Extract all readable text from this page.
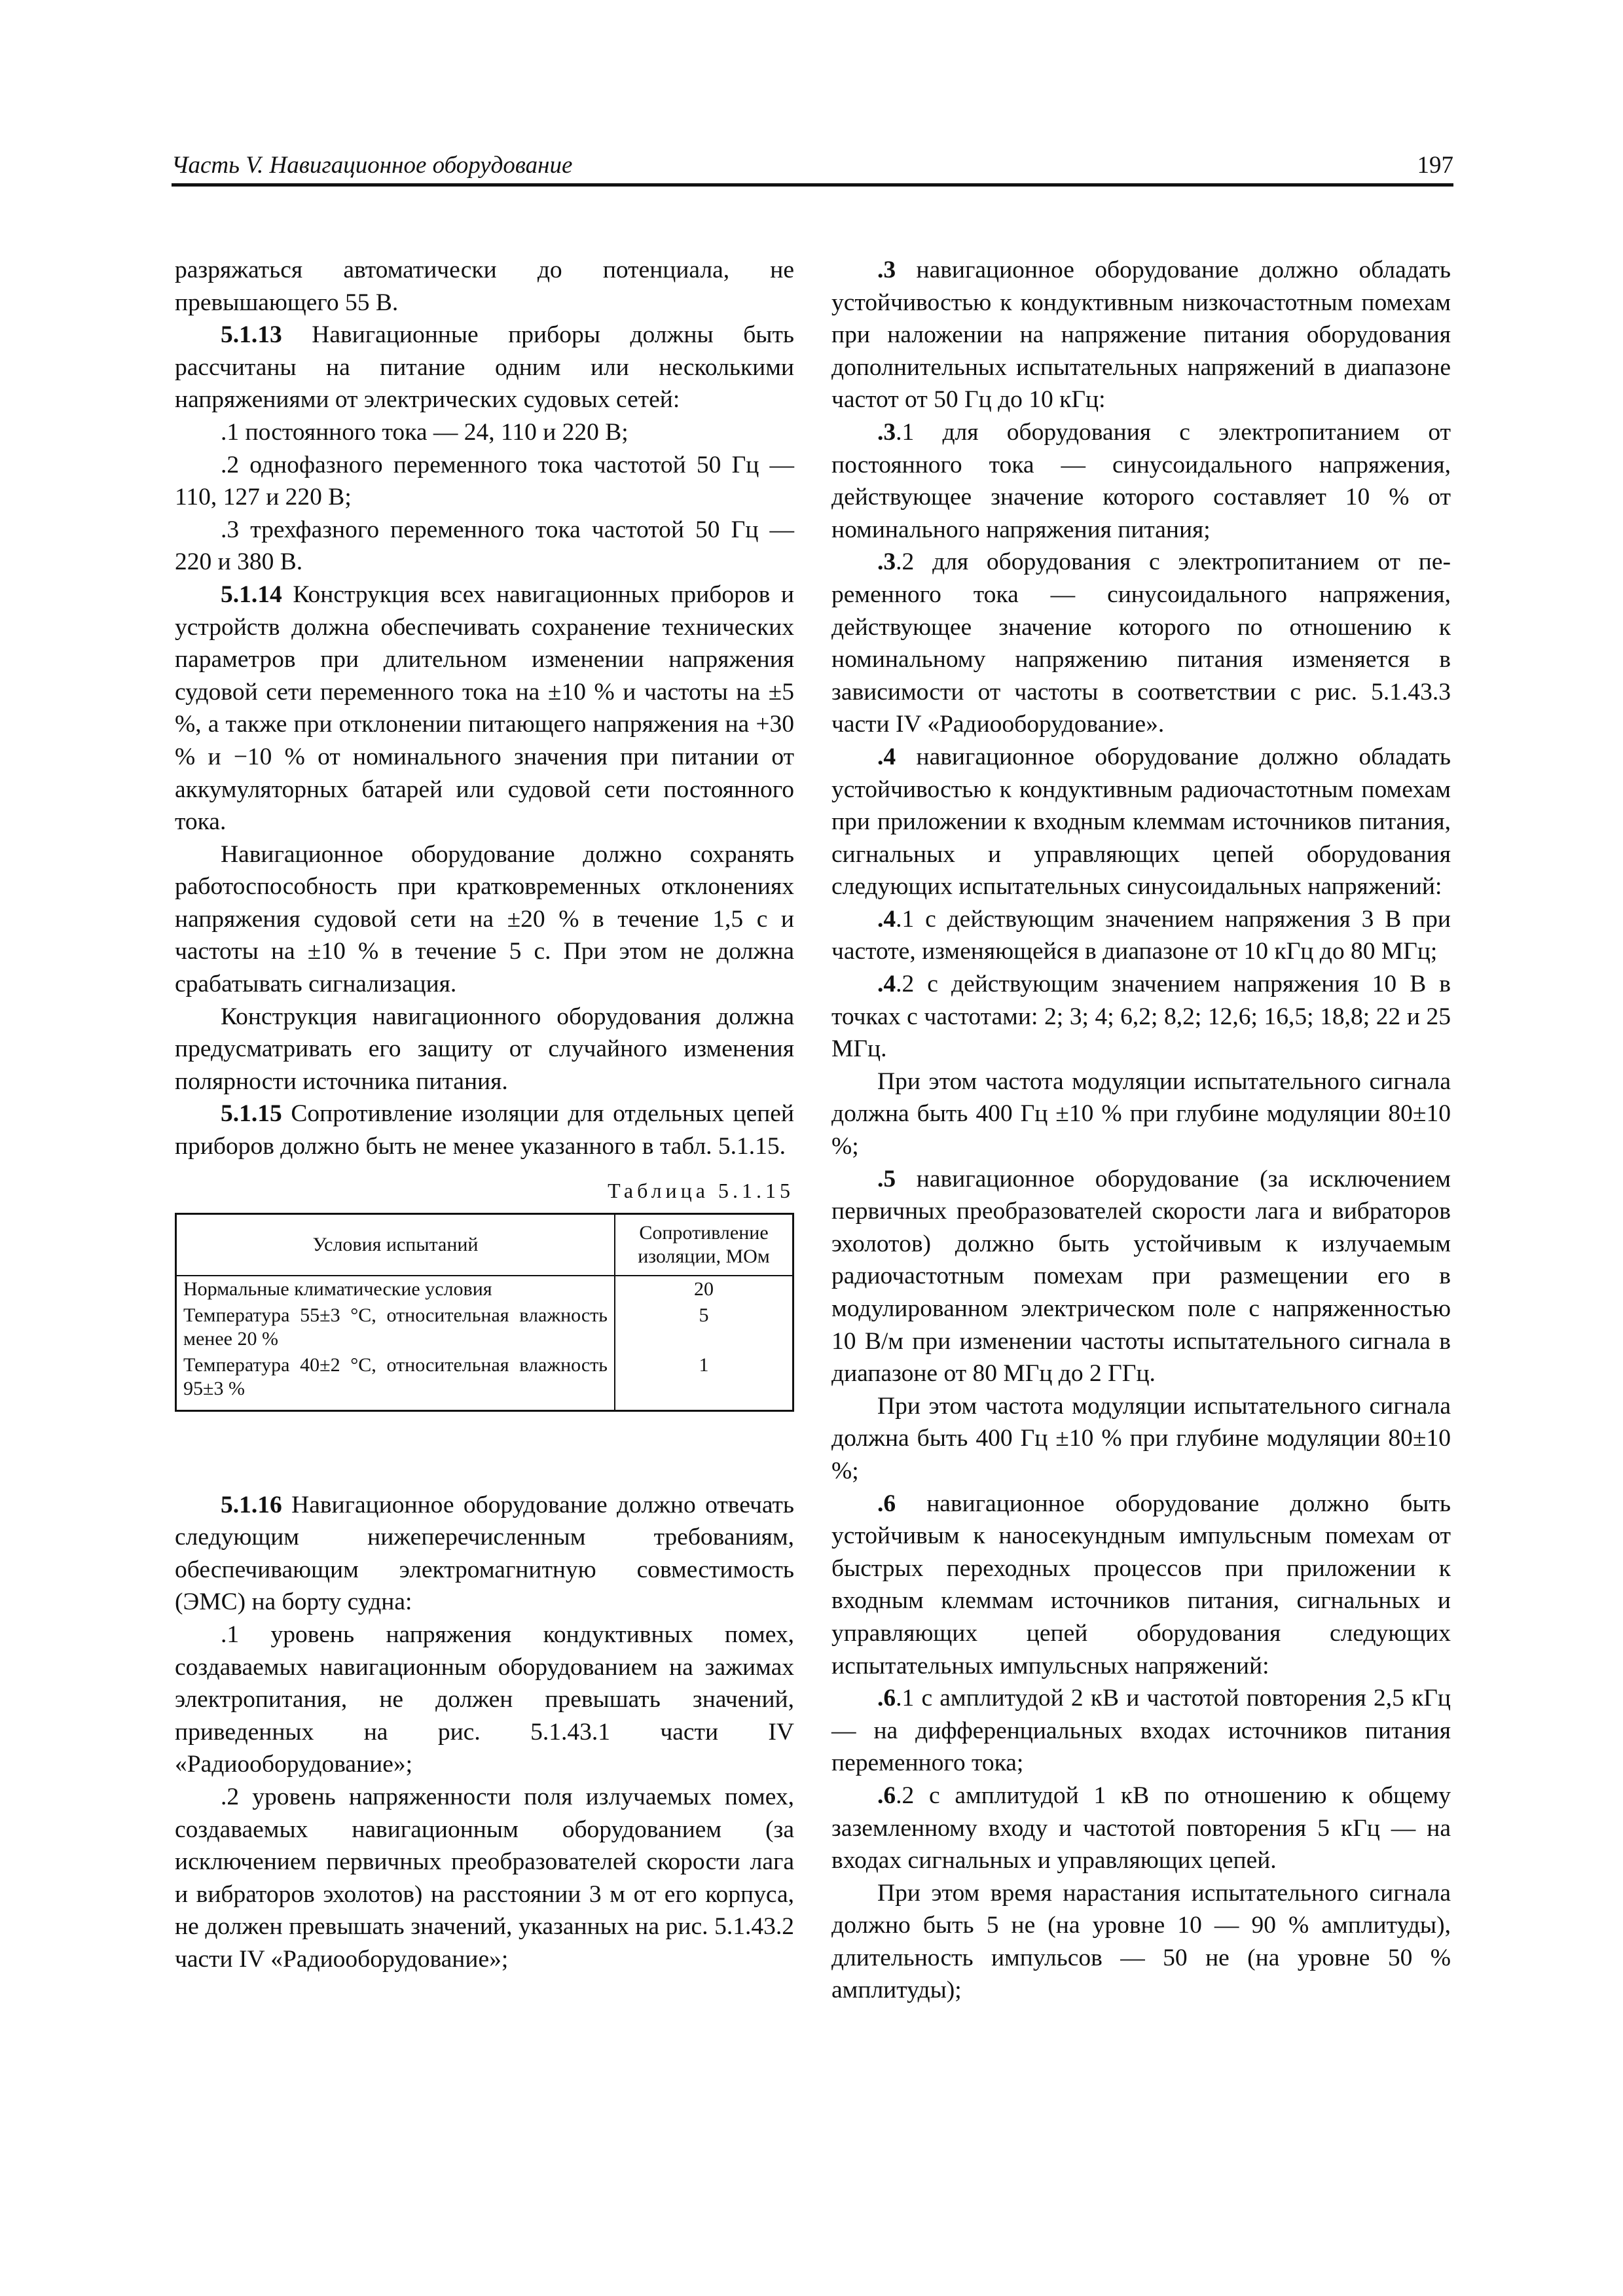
Часть V. Навигационное оборудование	197

разряжаться автоматически до потенциала, не превышающего 55 В.

5.1.13 Навигационные приборы должны быть рассчитаны на питание одним или несколькими напряжениями от электрических судовых сетей:

.1 постоянного тока — 24, 110 и 220 В;

.2 однофазного переменного тока частотой 50 Гц — 110, 127 и 220 В;

.3 трехфазного переменного тока частотой 50 Гц — 220 и 380 В.

5.1.14 Конструкция всех навигационных приборов и устройств должна обеспечивать сохранение технических параметров при длительном изменении напряжения судовой сети переменного тока на ±10 % и частоты на ±5 %, а также при отклонении питающего напряжения на +30 % и −10 % от номинального значения при питании от аккумуляторных батарей или судовой сети постоянного тока.

Навигационное оборудование должно сохранять работоспособность при кратковременных отклонениях напряжения судовой сети на ±20 % в течение 1,5 с и частоты на ±10 % в течение 5 с. При этом не должна срабатывать сигнализация.

Конструкция навигационного оборудования должна предусматривать его защиту от случайного изменения полярности источника питания.

5.1.15 Сопротивление изоляции для отдельных цепей приборов должно быть не менее указанного в табл. 5.1.15.

Таблица 5.1.15
Условия испытаний	Сопротивление изоляции, МОм
Нормальные климатические условия	20
Температура 55±3 °С, относительная влажность менее 20 %	5
Температура 40±2 °С, относительная влажность 95±3 %	1

5.1.16 Навигационное оборудование должно отвечать следующим нижеперечисленным требованиям, обеспечивающим электромагнитную совместимость (ЭМС) на борту судна:

.1 уровень напряжения кондуктивных помех, создаваемых навигационным оборудованием на зажимах электропитания, не должен превышать значений, приведенных на рис. 5.1.43.1 части IV «Радиооборудование»;

.2 уровень напряженности поля излучаемых помех, создаваемых навигационным оборудованием (за исключением первичных преобразователей скорости лага и вибраторов эхолотов) на расстоянии 3 м от его корпуса, не должен превышать значений, указанных на рис. 5.1.43.2 части IV «Радиооборудование»;

.3 навигационное оборудование должно обладать устойчивостью к кондуктивным низкочастотным помехам при наложении на напряжение питания оборудования дополнительных испытательных напряжений в диапазоне частот от 50 Гц до 10 кГц:

.3.1 для оборудования с электропитанием от постоянного тока — синусоидального напряжения, действующее значение которого составляет 10 % от номинального напряжения питания;

.3.2 для оборудования с электропитанием от переменного тока — синусоидального напряжения, действующее значение которого по отношению к номинальному напряжению питания изменяется в зависимости от частоты в соответствии с рис. 5.1.43.3 части IV «Радиооборудование».

.4 навигационное оборудование должно обладать устойчивостью к кондуктивным радиочастотным помехам при приложении к входным клеммам источников питания, сигнальных и управляющих цепей оборудования следующих испытательных синусоидальных напряжений:

.4.1 с действующим значением напряжения 3 В при частоте, изменяющейся в диапазоне от 10 кГц до 80 МГц;

.4.2 с действующим значением напряжения 10 В в точках с частотами: 2; 3; 4; 6,2; 8,2; 12,6; 16,5; 18,8; 22 и 25 МГц.

При этом частота модуляции испытательного сигнала должна быть 400 Гц ±10 % при глубине модуляции 80±10 %;

.5 навигационное оборудование (за исключением первичных преобразователей скорости лага и вибраторов эхолотов) должно быть устойчивым к излучаемым радиочастотным помехам при размещении его в модулированном электрическом поле с напряженностью 10 В/м при изменении частоты испытательного сигнала в диапазоне от 80 МГц до 2 ГГц.

При этом частота модуляции испытательного сигнала должна быть 400 Гц ±10 % при глубине модуляции 80±10 %;

.6 навигационное оборудование должно быть устойчивым к наносекундным импульсным помехам от быстрых переходных процессов при приложении к входным клеммам источников питания, сигнальных и управляющих цепей оборудования следующих испытательных импульсных напряжений:

.6.1 с амплитудой 2 кВ и частотой повторения 2,5 кГц — на дифференциальных входах источников питания переменного тока;

.6.2 с амплитудой 1 кВ по отношению к общему заземленному входу и частотой повторения 5 кГц — на входах сигнальных и управляющих цепей.

При этом время нарастания испытательного сигнала должно быть 5 не (на уровне 10 — 90 % амплитуды), длительность импульсов — 50 не (на уровне 50 % амплитуды);
